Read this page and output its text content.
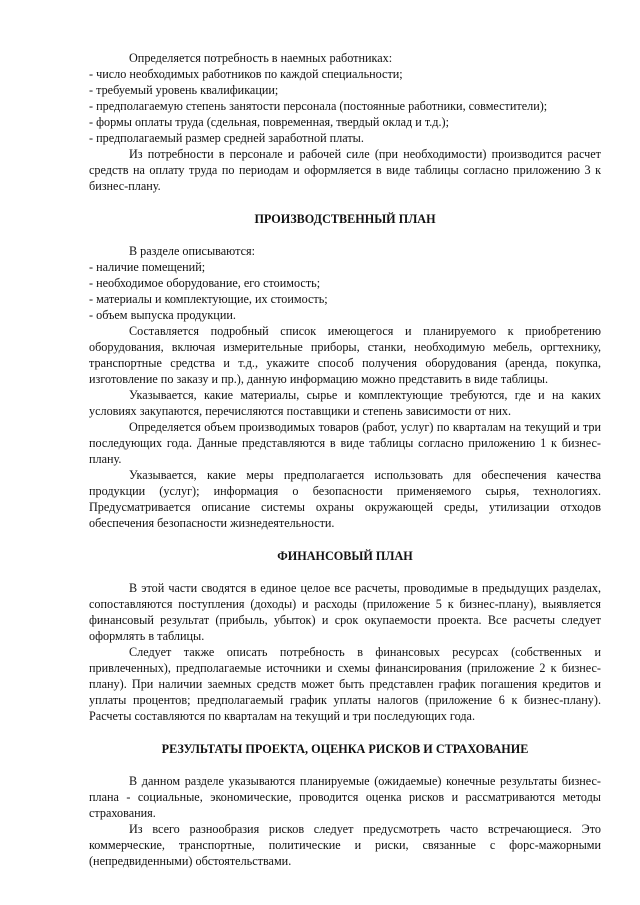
Определяется потребность в наемных работниках:

- число необходимых работников по каждой специальности;

- требуемый уровень квалификации;

- предполагаемую степень занятости персонала (постоянные работники, совместители);

- формы оплаты труда (сдельная, повременная, твердый оклад и т.д.);

- предполагаемый размер средней заработной платы.

Из потребности в персонале и рабочей силе (при необходимости) производится расчет средств на оплату труда по периодам и оформляется в виде таблицы согласно приложению 3 к бизнес-плану.

ПРОИЗВОДСТВЕННЫЙ ПЛАН

В разделе описываются:

- наличие помещений;

- необходимое оборудование, его стоимость;

- материалы и комплектующие, их стоимость;

- объем выпуска продукции.

Составляется подробный список имеющегося и планируемого к приобретению оборудования, включая измерительные приборы, станки, необходимую мебель, оргтехнику, транспортные средства и т.д., укажите способ получения оборудования (аренда, покупка, изготовление по заказу и пр.), данную информацию можно представить в виде таблицы.

Указывается, какие материалы, сырье и комплектующие требуются, где и на каких условиях закупаются, перечисляются поставщики и степень зависимости от них.

Определяется объем производимых товаров (работ, услуг) по кварталам на текущий и три последующих года. Данные представляются в виде таблицы согласно приложению 1 к бизнес-плану.

Указывается, какие меры предполагается использовать для обеспечения качества продукции (услуг); информация о безопасности применяемого сырья, технологиях. Предусматривается описание системы охраны окружающей среды, утилизации отходов обеспечения безопасности жизнедеятельности.

ФИНАНСОВЫЙ ПЛАН

В этой части сводятся в единое целое все расчеты, проводимые в предыдущих разделах, сопоставляются поступления (доходы) и расходы (приложение 5 к бизнес-плану), выявляется финансовый результат (прибыль, убыток) и срок окупаемости проекта. Все расчеты следует оформлять в таблицы.

Следует также описать потребность в финансовых ресурсах (собственных и привлеченных), предполагаемые источники и схемы финансирования (приложение 2 к бизнес-плану). При наличии заемных средств может быть представлен график погашения кредитов и уплаты процентов; предполагаемый график уплаты налогов (приложение 6 к бизнес-плану). Расчеты составляются по кварталам на текущий и три последующих года.

РЕЗУЛЬТАТЫ ПРОЕКТА, ОЦЕНКА РИСКОВ И СТРАХОВАНИЕ

В данном разделе указываются планируемые (ожидаемые) конечные результаты бизнес-плана - социальные, экономические, проводится оценка рисков и рассматриваются методы страхования.

Из всего разнообразия рисков следует предусмотреть часто встречающиеся. Это коммерческие, транспортные, политические и риски, связанные с форс-мажорными (непредвиденными) обстоятельствами.
